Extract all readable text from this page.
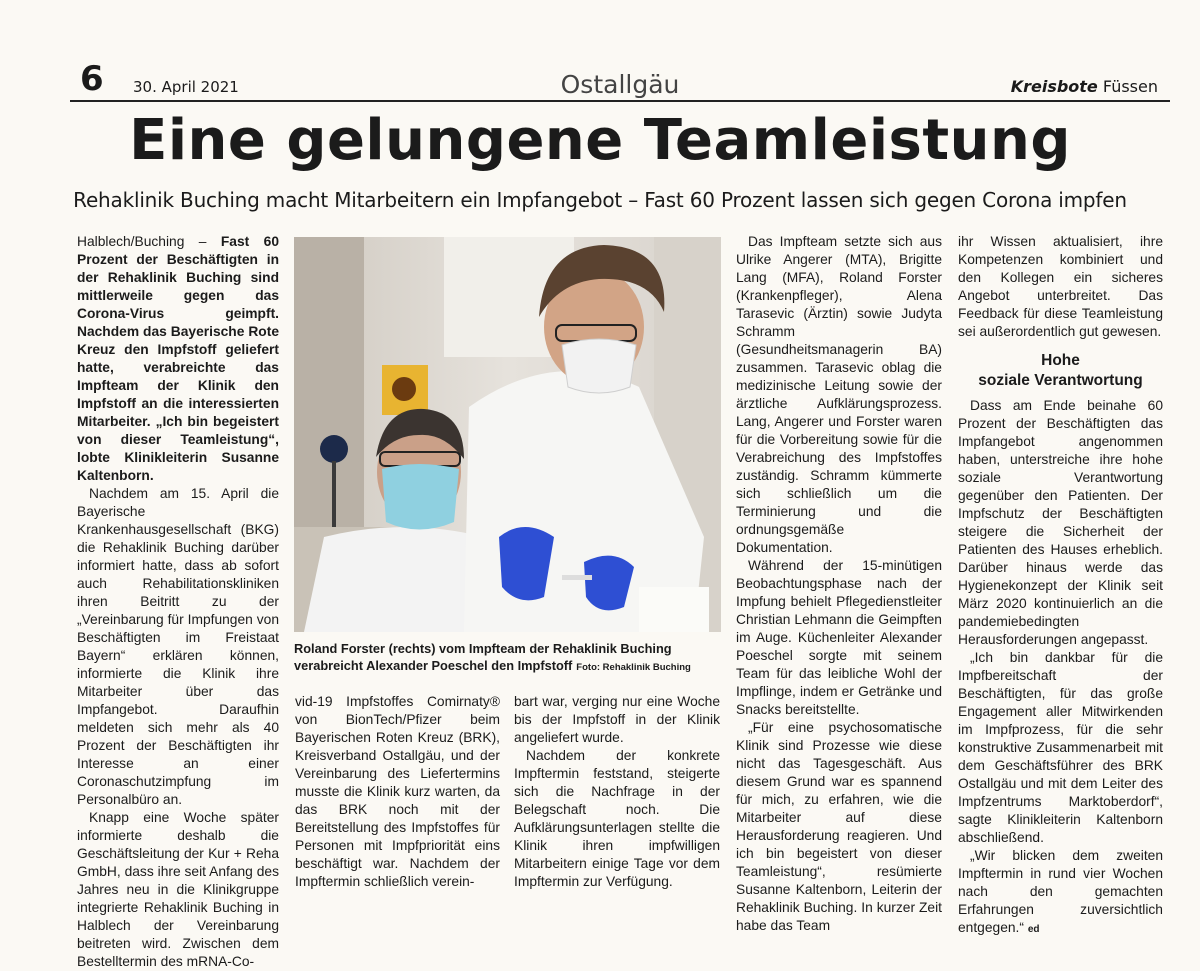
6 30. April 2021	Ostallgäu	Kreisbote Füssen
Eine gelungene Teamleistung
Rehaklinik Buching macht Mitarbeitern ein Impfangebot – Fast 60 Prozent lassen sich gegen Corona impfen

Halblech/Buching – Fast 60 Prozent der Beschäftigten in der Rehaklinik Buching sind mittlerweile gegen das Corona-Virus geimpft. Nachdem das Bayerische Rote Kreuz den Impfstoff geliefert hatte, verabreichte das Impfteam der Klinik den Impfstoff an die interessierten Mitarbeiter. „Ich bin begeistert von dieser Teamleistung“, lobte Klinikleiterin Susanne Kaltenborn.

Nachdem am 15. April die Bayerische Krankenhausgesellschaft (BKG) die Rehaklinik Buching darüber informiert hatte, dass ab sofort auch Rehabilitationskliniken ihren Beitritt zu der „Vereinbarung für Impfungen von Beschäftigten im Freistaat Bayern“ erklären können, informierte die Klinik ihre Mitarbeiter über das Impfangebot. Daraufhin meldeten sich mehr als 40 Prozent der Beschäftigten ihr Interesse an einer Coronaschutzimpfung im Personalbüro an.

Knapp eine Woche später informierte deshalb die Geschäftsleitung der Kur + Reha GmbH, dass ihre seit Anfang des Jahres neu in die Klinikgruppe integrierte Rehaklinik Buching in Halblech der Vereinbarung beitreten wird. Zwischen dem Bestelltermin des mRNA-Co-

Roland Forster (rechts) vom Impfteam der Rehaklinik Buching verabreicht Alexander Poeschel den Impfstoff Foto: Rehaklinik Buching

vid-19 Impfstoffes Comirnaty® von BionTech/Pfizer beim Bayerischen Roten Kreuz (BRK), Kreisverband Ostallgäu, und der Vereinbarung des Liefertermins musste die Klinik kurz warten, da das BRK noch mit der Bereitstellung des Impfstoffes für Personen mit Impfpriorität eins beschäftigt war. Nachdem der Impftermin schließlich verein-

bart war, verging nur eine Woche bis der Impfstoff in der Klinik angeliefert wurde.

Nachdem der konkrete Impftermin feststand, steigerte sich die Nachfrage in der Belegschaft noch. Die Aufklärungsunterlagen stellte die Klinik ihren impfwilligen Mitarbeitern einige Tage vor dem Impftermin zur Verfügung.

Das Impfteam setzte sich aus Ulrike Angerer (MTA), Brigitte Lang (MFA), Roland Forster (Krankenpfleger), Alena Tarasevic (Ärztin) sowie Judyta Schramm (Gesundheitsmanagerin BA) zusammen. Tarasevic oblag die medizinische Leitung sowie der ärztliche Aufklärungsprozess. Lang, Angerer und Forster waren für die Vorbereitung sowie für die Verabreichung des Impfstoffes zuständig. Schramm kümmerte sich schließlich um die Terminierung und die ordnungsgemäße Dokumentation.

Während der 15-minütigen Beobachtungsphase nach der Impfung behielt Pflegedienstleiter Christian Lehmann die Geimpften im Auge. Küchenleiter Alexander Poeschel sorgte mit seinem Team für das leibliche Wohl der Impflinge, indem er Getränke und Snacks bereitstellte.

„Für eine psychosomatische Klinik sind Prozesse wie diese nicht das Tagesgeschäft. Aus diesem Grund war es spannend für mich, zu erfahren, wie die Mitarbeiter auf diese Herausforderung reagieren. Und ich bin begeistert von dieser Teamleistung“, resümierte Susanne Kaltenborn, Leiterin der Rehaklinik Buching. In kurzer Zeit habe das Team

ihr Wissen aktualisiert, ihre Kompetenzen kombiniert und den Kollegen ein sicheres Angebot unterbreitet. Das Feedback für diese Teamleistung sei außerordentlich gut gewesen.

Hohe
soziale Verantwortung

Dass am Ende beinahe 60 Prozent der Beschäftigten das Impfangebot angenommen haben, unterstreiche ihre hohe soziale Verantwortung gegenüber den Patienten. Der Impfschutz der Beschäftigten steigere die Sicherheit der Patienten des Hauses erheblich. Darüber hinaus werde das Hygienekonzept der Klinik seit März 2020 kontinuierlich an die pandemiebedingten Herausforderungen angepasst.

„Ich bin dankbar für die Impfbereitschaft der Beschäftigten, für das große Engagement aller Mitwirkenden im Impfprozess, für die sehr konstruktive Zusammenarbeit mit dem Geschäftsführer des BRK Ostallgäu und mit dem Leiter des Impfzentrums Marktoberdorf“, sagte Klinikleiterin Kaltenborn abschließend.

„Wir blicken dem zweiten Impftermin in rund vier Wochen nach den gemachten Erfahrungen zuversichtlich entgegen.“ ed
